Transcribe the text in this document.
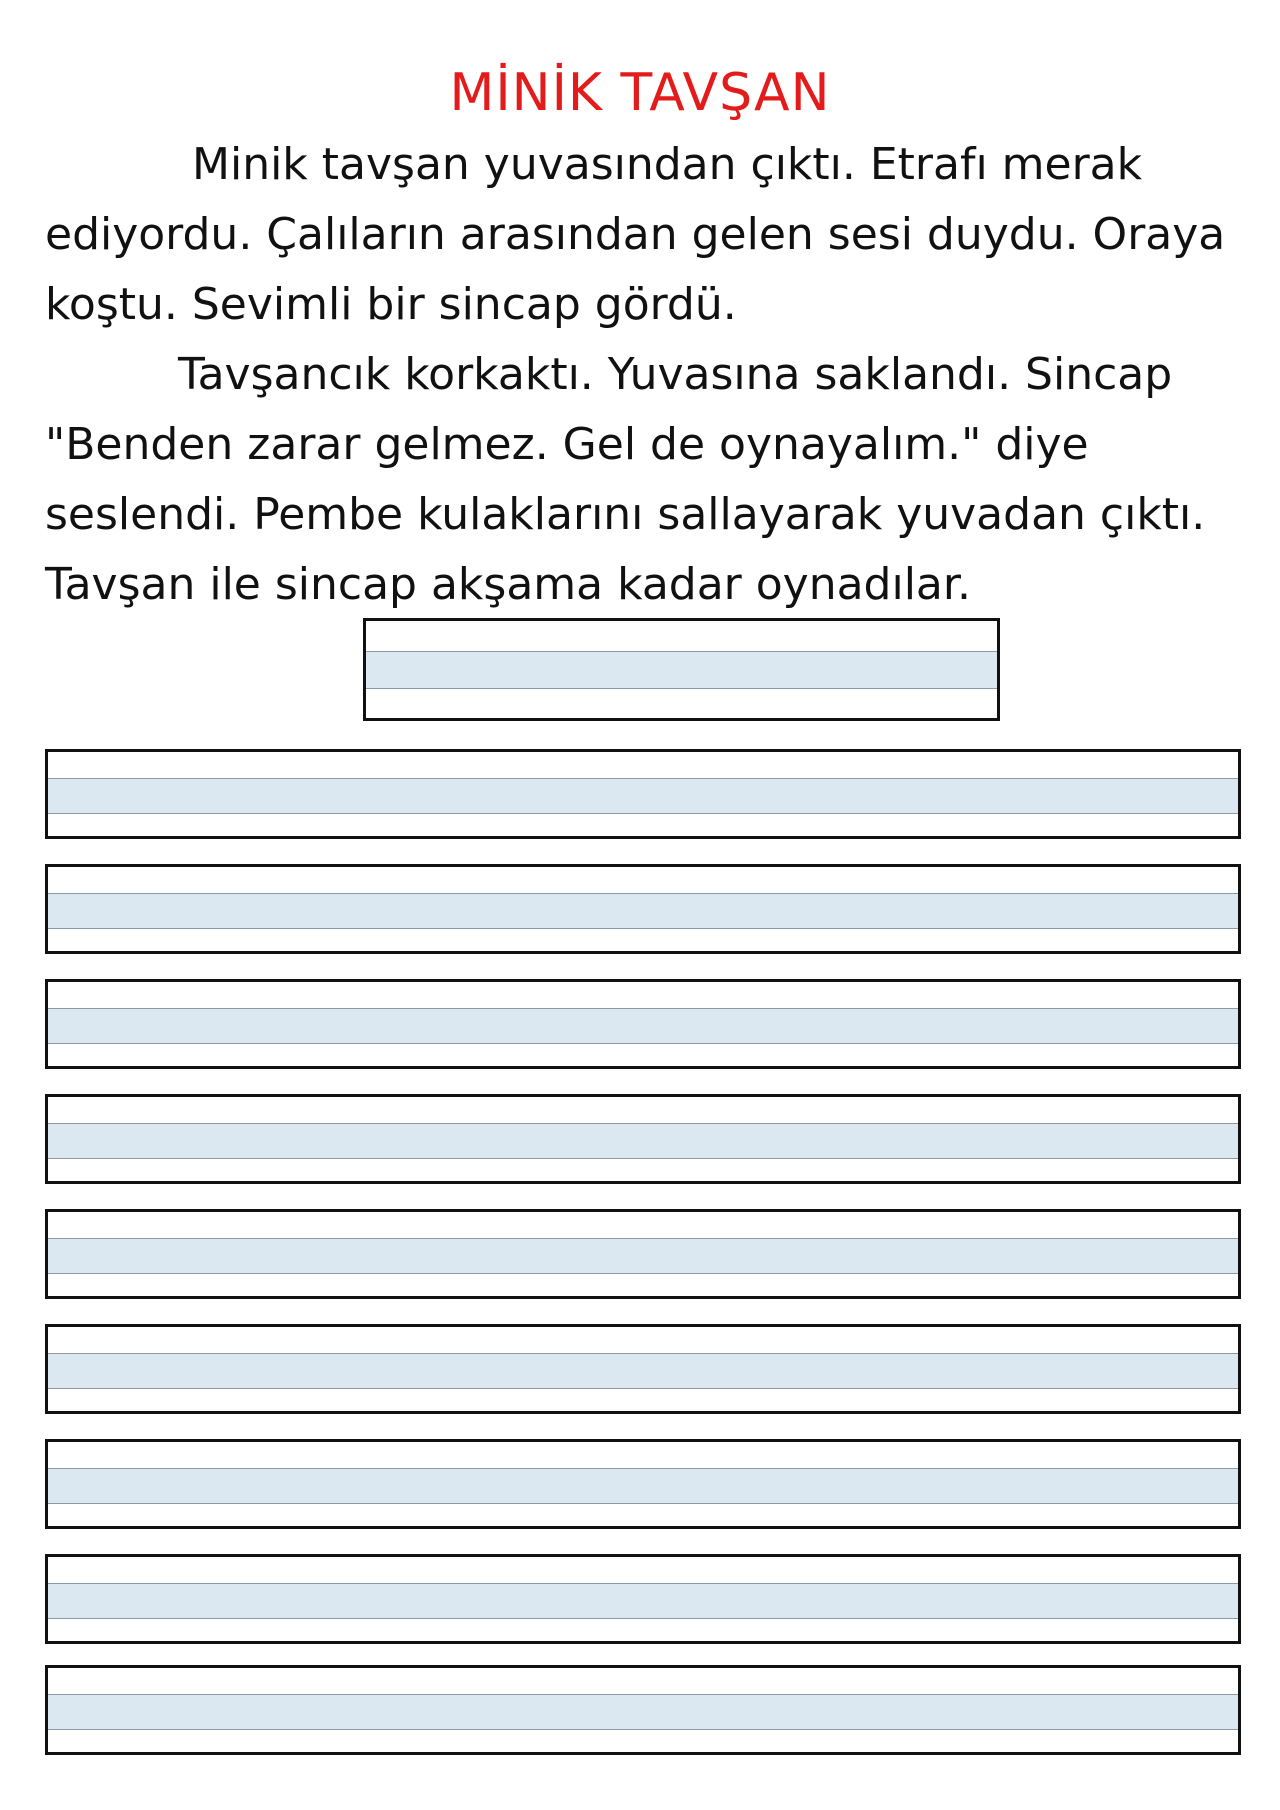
MİNİK TAVŞAN

Minik tavşan yuvasından çıktı. Etrafı merak

ediyordu. Çalıların arasından gelen sesi duydu. Oraya

koştu. Sevimli bir sincap gördü.

Tavşancık korkaktı. Yuvasına saklandı. Sincap

"Benden zarar gelmez. Gel de oynayalım." diye

seslendi. Pembe kulaklarını sallayarak yuvadan çıktı.

Tavşan ile sincap akşama kadar oynadılar.
